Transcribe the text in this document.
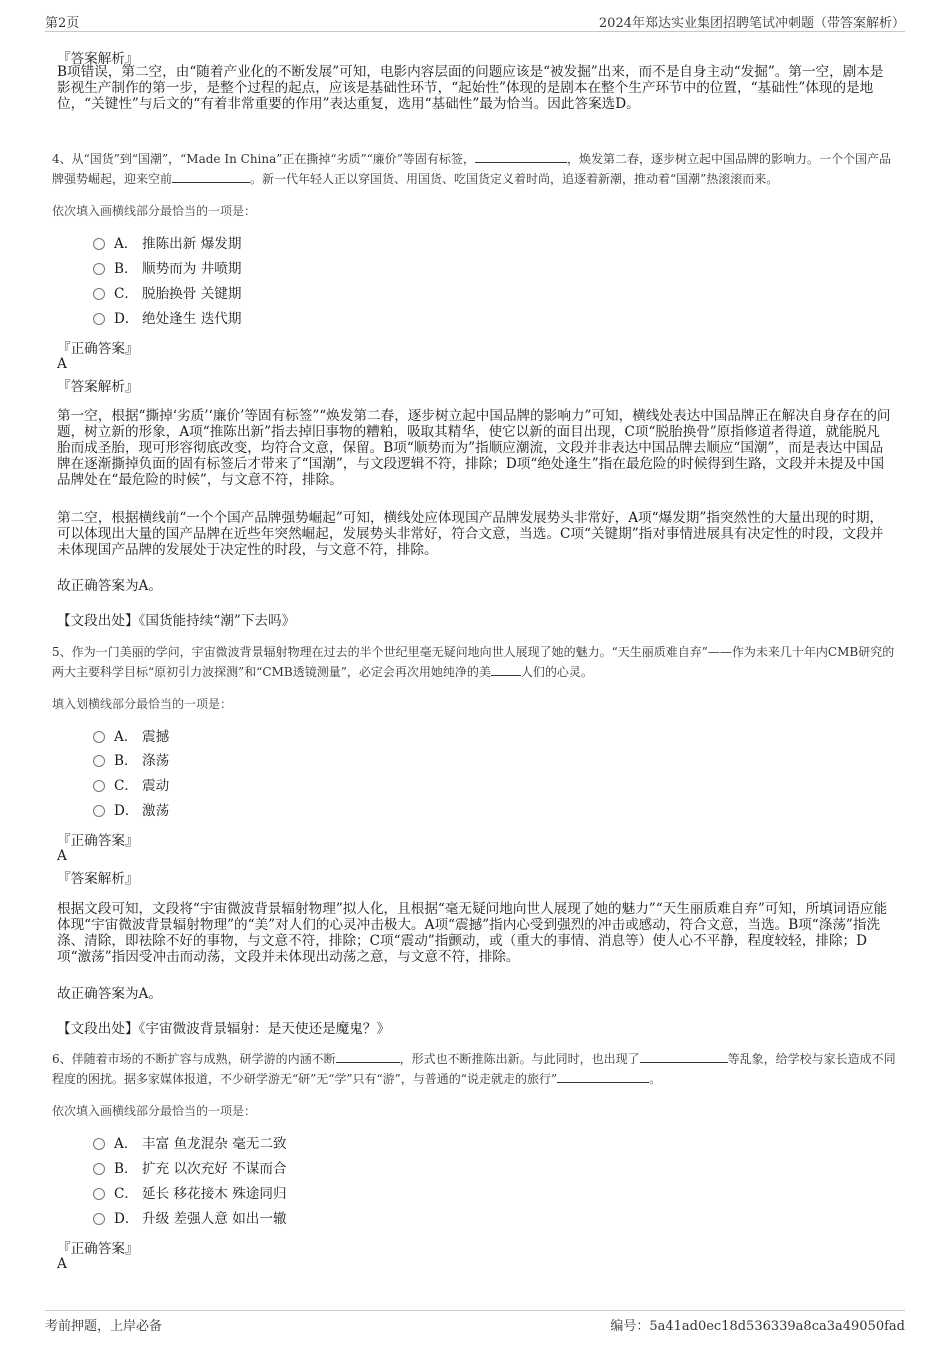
第2页	2024年郑达实业集团招聘笔试冲刺题（带答案解析）
『答案解析』
B项错误，第二空，由“随着产业化的不断发展”可知，电影内容层面的问题应该是“被发掘”出来，而不是自身主动“发掘”。第一空，剧本是影视生产制作的第一步，是整个过程的起点，应该是基础性环节，“起始性”体现的是剧本在整个生产环节中的位置，“基础性”体现的是地位，“关键性”与后文的“有着非常重要的作用”表达重复，选用“基础性”最为恰当。因此答案选D。
4、从“国货”到“国潮”，“Made In China”正在撕掉“劣质”“廉价”等固有标签，	，焕发第二春，逐步树立起中国品牌的影响力。一个个国产品牌强势崛起，迎来空前	。新一代年轻人正以穿国货、用国货、吃国货定义着时尚，追逐着新潮，推动着“国潮”热滚滚而来。
依次填入画横线部分最恰当的一项是：
A． 推陈出新 爆发期
B． 顺势而为 井喷期
C． 脱胎换骨 关键期
D． 绝处逢生 迭代期
『正确答案』
A
『答案解析』
第一空，根据“撕掉‘劣质’‘廉价’等固有标签”“焕发第二春，逐步树立起中国品牌的影响力”可知，横线处表达中国品牌正在解决自身存在的问题，树立新的形象，A项“推陈出新”指去掉旧事物的糟粕，吸取其精华，使它以新的面目出现，C项“脱胎换骨”原指修道者得道，就能脱凡胎而成圣胎，现可形容彻底改变，均符合文意，保留。B项“顺势而为”指顺应潮流，文段并非表达中国品牌去顺应“国潮”，而是表达中国品牌在逐渐撕掉负面的固有标签后才带来了“国潮”，与文段逻辑不符，排除；D项“绝处逢生”指在最危险的时候得到生路，文段并未提及中国品牌处在“最危险的时候”，与文意不符，排除。
第二空，根据横线前“一个个国产品牌强势崛起”可知，横线处应体现国产品牌发展势头非常好，A项“爆发期”指突然性的大量出现的时期，可以体现出大量的国产品牌在近些年突然崛起，发展势头非常好，符合文意，当选。C项“关键期”指对事情进展具有决定性的时段，文段并未体现国产品牌的发展处于决定性的时段，与文意不符，排除。
故正确答案为A。
【文段出处】《国货能持续“潮”下去吗》
5、作为一门美丽的学问，宇宙微波背景辐射物理在过去的半个世纪里毫无疑问地向世人展现了她的魅力。“天生丽质难自弃”——作为未来几十年内CMB研究的两大主要科学目标“原初引力波探测”和“CMB透镜测量”，必定会再次用她纯净的美	人们的心灵。
填入划横线部分最恰当的一项是：
A． 震撼
B． 涤荡
C． 震动
D． 激荡
『正确答案』
A
『答案解析』
根据文段可知，文段将“宇宙微波背景辐射物理”拟人化，且根据“毫无疑问地向世人展现了她的魅力”“天生丽质难自弃”可知，所填词语应能体现“宇宙微波背景辐射物理”的“美”对人们的心灵冲击极大。A项“震撼”指内心受到强烈的冲击或感动，符合文意，当选。B项“涤荡”指洗涤、清除，即祛除不好的事物，与文意不符，排除；C项“震动”指颤动，或（重大的事情、消息等）使人心不平静，程度较轻，排除；D项“激荡”指因受冲击而动荡，文段并未体现出动荡之意，与文意不符，排除。
故正确答案为A。
【文段出处】《宇宙微波背景辐射：是天使还是魔鬼？》
6、伴随着市场的不断扩容与成熟，研学游的内涵不断	，形式也不断推陈出新。与此同时，也出现了	等乱象，给学校与家长造成不同程度的困扰。据多家媒体报道，不少研学游无“研”无“学”只有“游”，与普通的“说走就走的旅行”	。
依次填入画横线部分最恰当的一项是：
A． 丰富 鱼龙混杂 毫无二致
B． 扩充 以次充好 不谋而合
C． 延长 移花接木 殊途同归
D． 升级 差强人意 如出一辙
『正确答案』
A
考前押题，上岸必备	编号：5a41ad0ec18d536339a8ca3a49050fad
